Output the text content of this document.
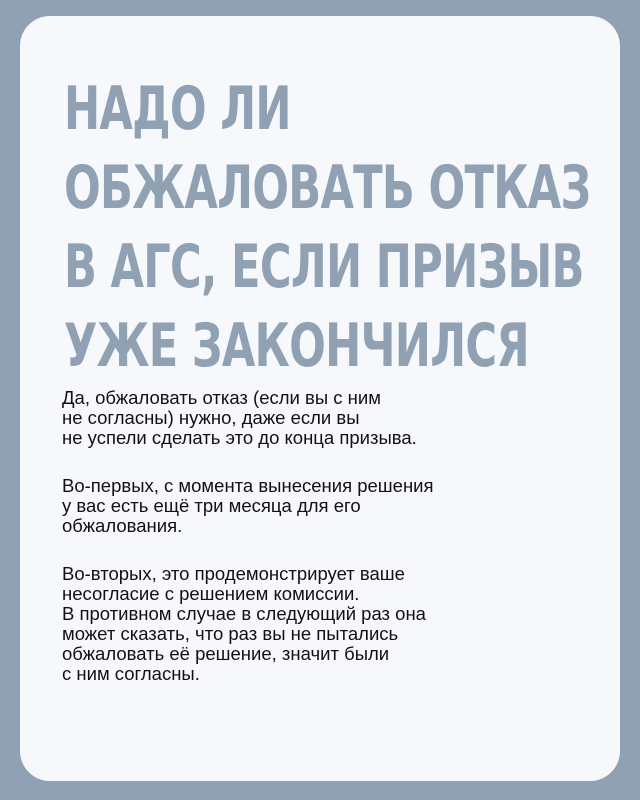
НАДО ЛИ
ОБЖАЛОВАТЬ ОТКАЗ
В АГС, ЕСЛИ ПРИЗЫВ
УЖЕ ЗАКОНЧИЛСЯ

Да, обжаловать отказ (если вы с ним
не согласны) нужно, даже если вы
не успели сделать это до конца призыва.

Во-первых, с момента вынесения решения
у вас есть ещё три месяца для его
обжалования.

Во-вторых, это продемонстрирует ваше
несогласие с решением комиссии.
В противном случае в следующий раз она
может сказать, что раз вы не пытались
обжаловать её решение, значит были
с ним согласны.
